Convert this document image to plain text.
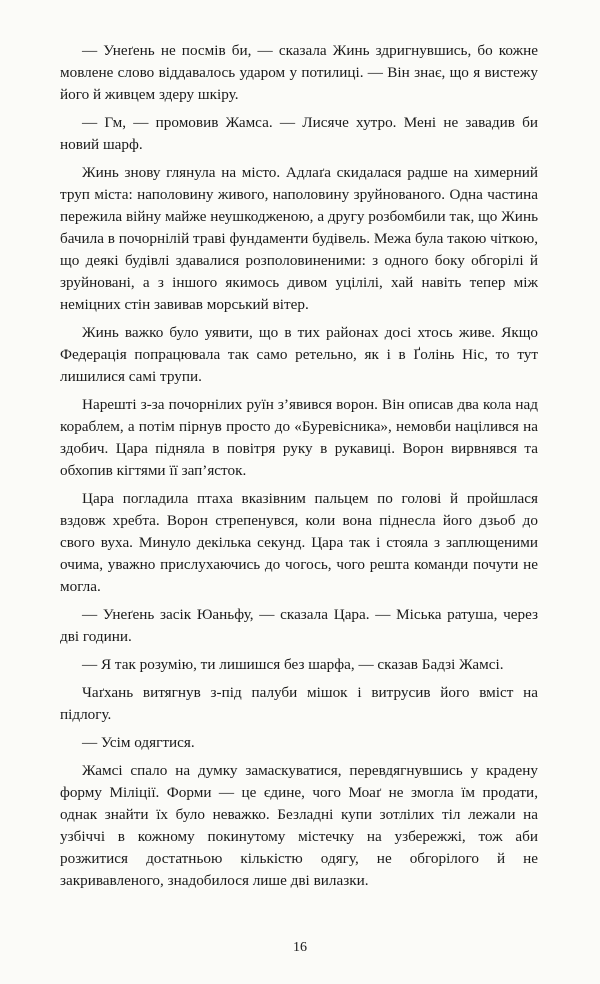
— Унеґень не посмів би, — сказала Жинь здригнувшись, бо кожне мовлене слово віддавалось ударом у потилиці. — Він знає, що я вистежу його й живцем здеру шкіру.

— Гм, — промовив Жамса. — Лисяче хутро. Мені не завадив би новий шарф.

Жинь знову глянула на місто. Адлаґа скидалася радше на химерний труп міста: наполовину живого, наполовину зруйнованого. Одна частина пережила війну майже неушкодженою, а другу розбомбили так, що Жинь бачила в почорнілій траві фундаменти будівель. Межа була такою чіткою, що деякі будівлі здавалися розполовиненими: з одного боку обгорілі й зруйновані, а з іншого якимось дивом уцілілі, хай навіть тепер між неміцних стін завивав морський вітер.

Жинь важко було уявити, що в тих районах досі хтось живе. Якщо Федерація попрацювала так само ретельно, як і в Ґолінь Ніс, то тут лишилися самі трупи.

Нарешті з-за почорнілих руїн з’явився ворон. Він описав два кола над кораблем, а потім пірнув просто до «Буревісника», немовби націлився на здобич. Цара підняла в повітря руку в рукавиці. Ворон вирвнявся та обхопив кігтями її зап’ясток.

Цара погладила птаха вказівним пальцем по голові й пройшлася вздовж хребта. Ворон стрепенувся, коли вона піднесла його дзьоб до свого вуха. Минуло декілька секунд. Цара так і стояла з заплющеними очима, уважно прислухаючись до чогось, чого решта команди почути не могла.

— Унеґень засік Юаньфу, — сказала Цара. — Міська ратуша, через дві години.

— Я так розумію, ти лишишся без шарфа, — сказав Бадзі Жамсі.

Чаґхань витягнув з-під палуби мішок і витрусив його вміст на підлогу.

— Усім одягтися.

Жамсі спало на думку замаскуватися, перевдягнувшись у крадену форму Міліції. Форми — це єдине, чого Моаґ не змогла їм продати, однак знайти їх було неважко. Безладні купи зотлілих тіл лежали на узбіччі в кожному покинутому містечку на узбережжі, тож аби розжитися достатньою кількістю одягу, не обгорілого й не закривавленого, знадобилося лише дві вилазки.

16
